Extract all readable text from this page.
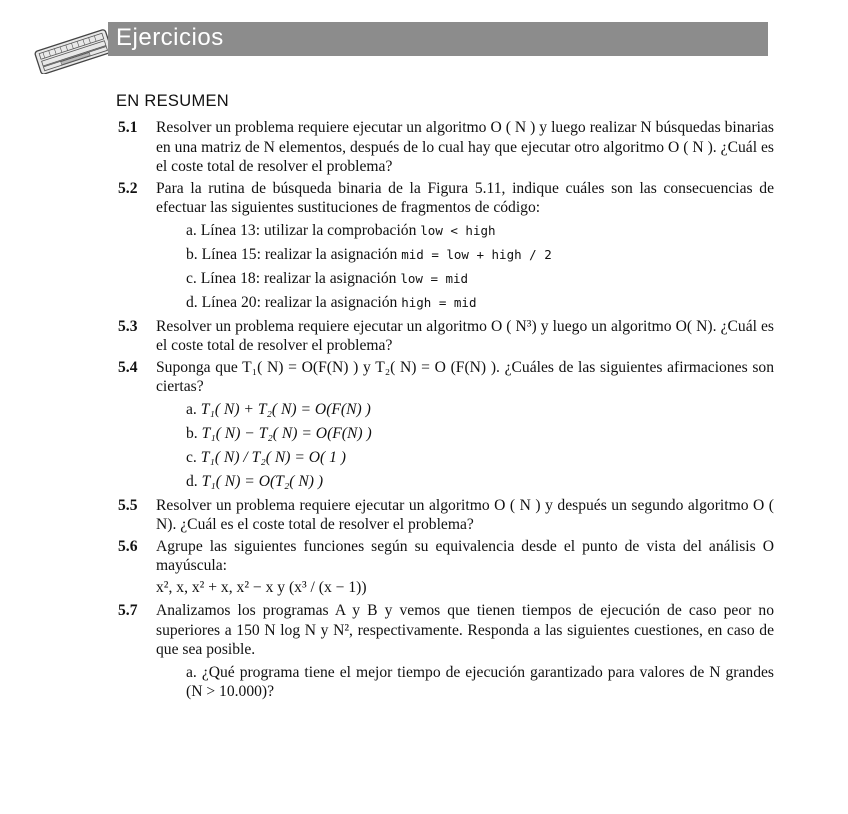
Ejercicios
EN RESUMEN
5.1 Resolver un problema requiere ejecutar un algoritmo O ( N ) y luego realizar N búsquedas binarias en una matriz de N elementos, después de lo cual hay que ejecutar otro algoritmo O ( N ). ¿Cuál es el coste total de resolver el problema?
5.2 Para la rutina de búsqueda binaria de la Figura 5.11, indique cuáles son las consecuencias de efectuar las siguientes sustituciones de fragmentos de código:
a. Línea 13: utilizar la comprobación low < high
b. Línea 15: realizar la asignación mid = low + high / 2
c. Línea 18: realizar la asignación low = mid
d. Línea 20: realizar la asignación high = mid
5.3 Resolver un problema requiere ejecutar un algoritmo O ( N³) y luego un algoritmo O( N). ¿Cuál es el coste total de resolver el problema?
5.4 Suponga que T₁( N) = O(F(N) ) y T₂( N) = O (F(N) ). ¿Cuáles de las siguientes afirmaciones son ciertas?
a. T₁( N) + T₂( N) = O(F(N) )
b. T₁( N) − T₂( N) = O(F(N) )
c. T₁( N) / T₂( N) = O( 1 )
d. T₁( N) = O(T₂( N) )
5.5 Resolver un problema requiere ejecutar un algoritmo O ( N ) y después un segundo algoritmo O ( N). ¿Cuál es el coste total de resolver el problema?
5.6 Agrupe las siguientes funciones según su equivalencia desde el punto de vista del análisis O mayúscula:
x², x, x² + x, x² − x y (x³ / (x − 1))
5.7 Analizamos los programas A y B y vemos que tienen tiempos de ejecución de caso peor no superiores a 150 N log N y N², respectivamente. Responda a las siguientes cuestiones, en caso de que sea posible.
a. ¿Qué programa tiene el mejor tiempo de ejecución garantizado para valores de N grandes (N > 10.000)?
